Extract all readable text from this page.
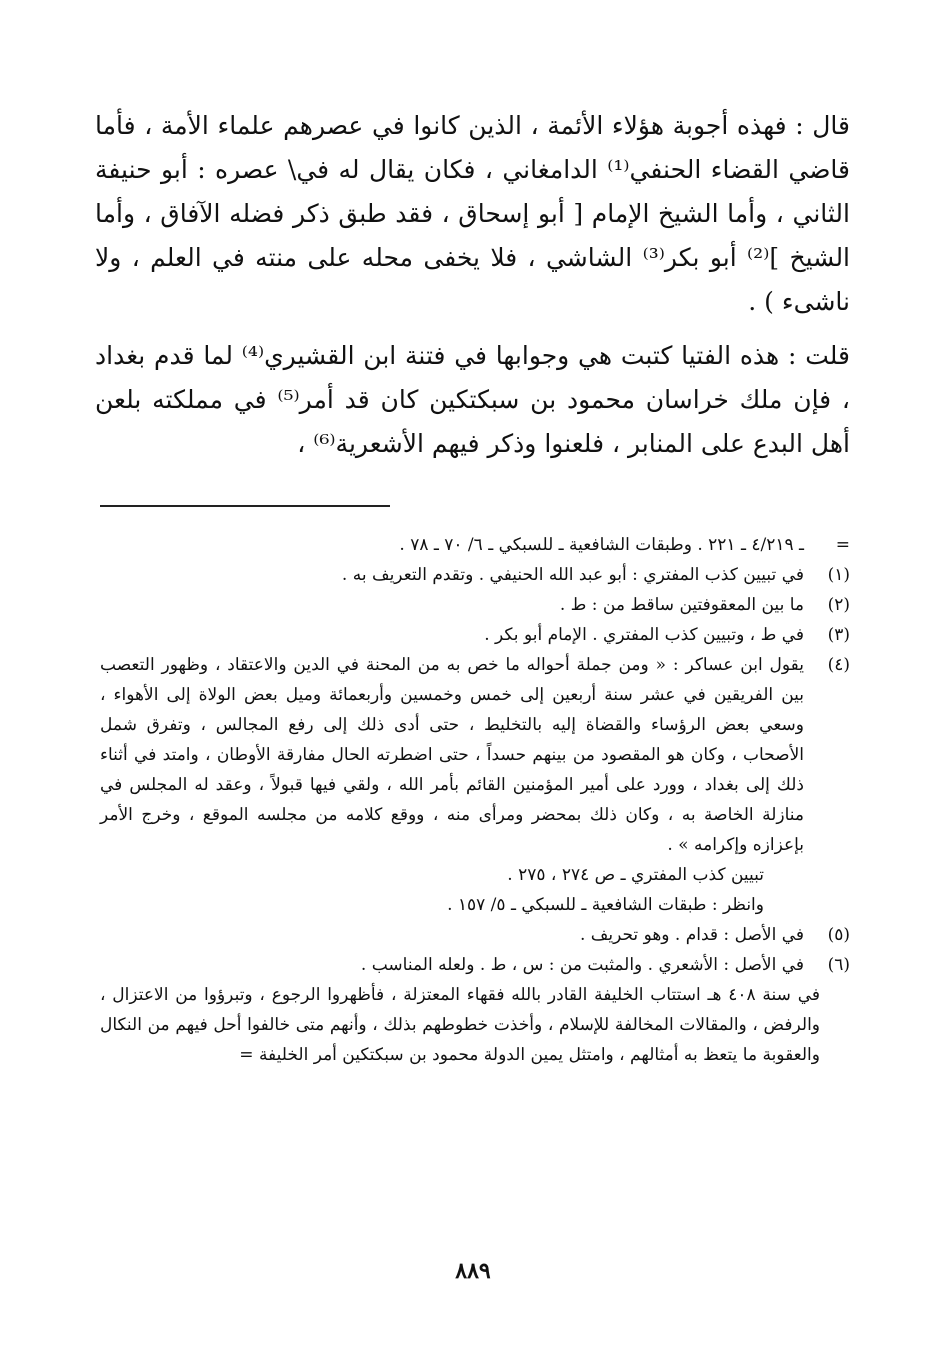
قال : فهذه أجوبة هؤلاء الأئمة ، الذين كانوا في عصرهم علماء الأمة ، فأما قاضي القضاء الحنفي⁽¹⁾ الدامغاني ، فكان يقال له في\ عصره : أبو حنيفة الثاني ، وأما الشيخ الإمام [ أبو إسحاق ، فقد طبق ذكر فضله الآفاق ، وأما الشيخ ]⁽²⁾ أبو بكر⁽³⁾ الشاشي ، فلا يخفى محله على منته في العلم ، ولا ناشىء ) .

قلت : هذه الفتيا كتبت هي وجوابها في فتنة ابن القشيري⁽⁴⁾ لما قدم بغداد ، فإن ملك خراسان محمود بن سبكتكين كان قد أمر⁽⁵⁾ في مملكته بلعن أهل البدع على المنابر ، فلعنوا وذكر فيهم الأشعرية⁽⁶⁾ ،

=
ـ ٤/٢١٩ ـ ٢٢١ . وطبقات الشافعية ـ للسبكي ـ ٦/ ٧٠ ـ ٧٨ .
(١)
في تبيين كذب المفتري : أبو عبد الله الحنيفي . وتقدم التعريف به .
(٢)
ما بين المعقوفتين ساقط من : ط .
(٣)
في ط ، وتبيين كذب المفتري . الإمام أبو بكر .
(٤)
يقول ابن عساكر : « ومن جملة أحواله ما خص به من المحنة في الدين والاعتقاد ، وظهور التعصب بين الفريقين في عشر سنة أربعين إلى خمس وخمسين وأربعمائة وميل بعض الولاة إلى الأهواء ، وسعي بعض الرؤساء والقضاة إليه بالتخليط ، حتى أدى ذلك إلى رفع المجالس ، وتفرق شمل الأصحاب ، وكان هو المقصود من بينهم حسداً ، حتى اضطرته الحال مفارقة الأوطان ، وامتد في أثناء ذلك إلى بغداد ، وورد على أمير المؤمنين القائم بأمر الله ، ولقي فيها قبولاً ، وعقد له المجلس في منازلة الخاصة به ، وكان ذلك بمحضر ومرأى منه ، ووقع كلامه من مجلسه الموقع ، وخرج الأمر بإعزازه وإكرامه » .

تبيين كذب المفتري ـ ص ٢٧٤ ، ٢٧٥ .

وانظر : طبقات الشافعية ـ للسبكي ـ ٥/ ١٥٧ .

(٥)
في الأصل : قدام . وهو تحريف .
(٦)
في الأصل : الأشعري . والمثبت من : س ، ط . ولعله المناسب .

في سنة ٤٠٨ هـ استتاب الخليفة القادر بالله فقهاء المعتزلة ، فأظهروا الرجوع ، وتبرؤوا من الاعتزال ، والرفض ، والمقالات المخالفة للإسلام ، وأخذت خطوطهم بذلك ، وأنهم متى خالفوا أحل فيهم من النكال والعقوبة ما يتعظ به أمثالهم ، وامتثل يمين الدولة محمود بن سبكتكين أمر الخليفة =

٨٨٩
